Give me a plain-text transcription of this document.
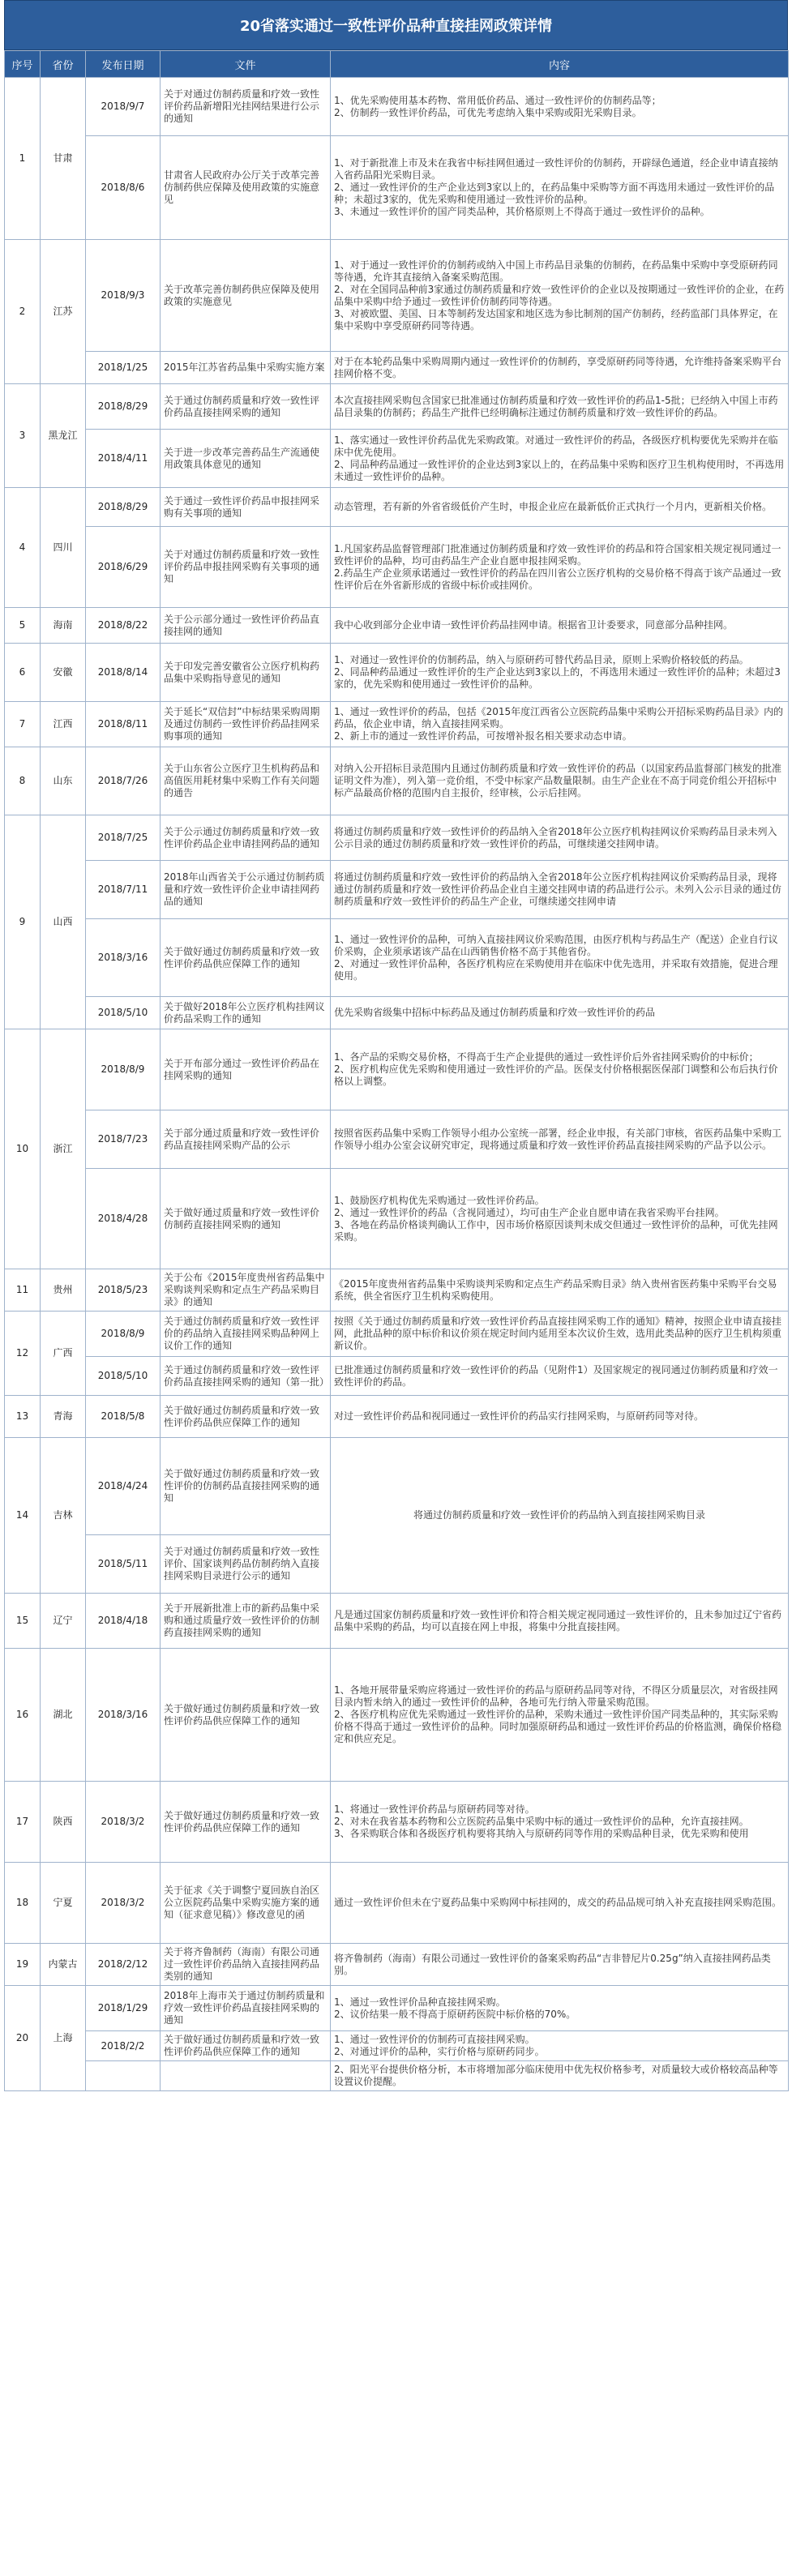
20省落实通过一致性评价品种直接挂网政策详情
序号	省份	发布日期	文件	内容
1	甘肃	2018/9/7	关于对通过仿制药质量和疗效一致性评价药品新增阳光挂网结果进行公示的通知	1、优先采购使用基本药物、常用低价药品、通过一致性评价的仿制药品等；
2、仿制药一致性评价药品，可优先考虑纳入集中采购或阳光采购目录。
		2018/8/6	甘肃省人民政府办公厅关于改革完善仿制药供应保障及使用政策的实施意见	1、对于新批准上市及未在我省中标挂网但通过一致性评价的仿制药，开辟绿色通道，经企业申请直接纳入省药品阳光采购目录。
2、通过一致性评价的生产企业达到3家以上的，在药品集中采购等方面不再选用未通过一致性评价的品种；未超过3家的，优先采购和使用通过一致性评价的品种。
3、未通过一致性评价的国产同类品种，其价格原则上不得高于通过一致性评价的品种。
2	江苏	2018/9/3	关于改革完善仿制药供应保障及使用政策的实施意见	1、对于通过一致性评价的仿制药或纳入中国上市药品目录集的仿制药，在药品集中采购中享受原研药同等待遇，允许其直接纳入备案采购范围。
2、对在全国同品种前3家通过仿制药质量和疗效一致性评价的企业以及按期通过一致性评价的企业，在药品集中采购中给予通过一致性评价仿制药同等待遇。
3、对被欧盟、美国、日本等制药发达国家和地区选为参比制剂的国产仿制药，经药监部门具体界定，在集中采购中享受原研药同等待遇。
		2018/1/25	2015年江苏省药品集中采购实施方案	对于在本轮药品集中采购周期内通过一致性评价的仿制药，享受原研药同等待遇，允许维持备案采购平台挂网价格不变。
3	黑龙江	2018/8/29	关于通过仿制药质量和疗效一致性评价药品直接挂网采购的通知	本次直接挂网采购包含国家已批准通过仿制药质量和疗效一致性评价的药品1-5批；已经纳入中国上市药品目录集的仿制药；药品生产批件已经明确标注通过仿制药质量和疗效一致性评价的药品。
		2018/4/11	关于进一步改革完善药品生产流通使用政策具体意见的通知	1、落实通过一致性评价药品优先采购政策。对通过一致性评价的药品，各级医疗机构要优先采购并在临床中优先使用。
2、同品种药品通过一致性评价的企业达到3家以上的，在药品集中采购和医疗卫生机构使用时，不再选用未通过一致性评价的品种。
4	四川	2018/8/29	关于通过一致性评价药品申报挂网采购有关事项的通知	动态管理，若有新的外省省级低价产生时，申报企业应在最新低价正式执行一个月内，更新相关价格。
		2018/6/29	关于对通过仿制药质量和疗效一致性评价药品申报挂网采购有关事项的通知	1.凡国家药品监督管理部门批准通过仿制药质量和疗效一致性评价的药品和符合国家相关规定视同通过一致性评价的品种，均可由药品生产企业自愿申报挂网采购。
2.药品生产企业须承诺通过一致性评价的药品在四川省公立医疗机构的交易价格不得高于该产品通过一致性评价后在外省新形成的省级中标价或挂网价。
5	海南	2018/8/22	关于公示部分通过一致性评价药品直接挂网的通知	我中心收到部分企业申请一致性评价药品挂网申请。根据省卫计委要求，同意部分品种挂网。
6	安徽	2018/8/14	关于印发完善安徽省公立医疗机构药品集中采购指导意见的通知	1、对通过一致性评价的仿制药品，纳入与原研药可替代药品目录，原则上采购价格较低的药品。
2、同品种药品通过一致性评价的生产企业达到3家以上的，不再选用未通过一致性评价的品种；未超过3家的，优先采购和使用通过一致性评价的品种。
7	江西	2018/8/11	关于延长“双信封”中标结果采购周期及通过仿制药一致性评价药品挂网采购事项的通知	1、通过一致性评价的药品，包括《2015年度江西省公立医院药品集中采购公开招标采购药品目录》内的药品，依企业申请，纳入直接挂网采购。
2、新上市的通过一致性评价药品，可按增补报名相关要求动态申请。
8	山东	2018/7/26	关于山东省公立医疗卫生机构药品和高值医用耗材集中采购工作有关问题的通告	对纳入公开招标目录范围内且通过仿制药质量和疗效一致性评价的药品（以国家药品监督部门核发的批准证明文件为准），列入第一竞价组，不受中标家产品数量限制。由生产企业在不高于同竞价组公开招标中标产品最高价格的范围内自主报价，经审核，公示后挂网。
9	山西	2018/7/25	关于公示通过仿制药质量和疗效一致性评价药品企业申请挂网药品的通知	将通过仿制药质量和疗效一致性评价的药品纳入全省2018年公立医疗机构挂网议价采购药品目录未列入公示目录的通过仿制药质量和疗效一致性评价的药品，可继续递交挂网申请。
		2018/7/11	2018年山西省关于公示通过仿制药质量和疗效一致性评价企业申请挂网药品的通知	将通过仿制药质量和疗效一致性评价的药品纳入全省2018年公立医疗机构挂网议价采购药品目录，现将通过仿制药质量和疗效一致性评价药品企业自主递交挂网申请的药品进行公示。未列入公示目录的通过仿制药质量和疗效一致性评价的药品生产企业，可继续递交挂网申请
		2018/3/16	关于做好通过仿制药质量和疗效一致性评价药品供应保障工作的通知	1、通过一致性评价的品种，可纳入直接挂网议价采购范围，由医疗机构与药品生产（配送）企业自行议价采购，企业须承诺该产品在山西销售价格不高于其他省份。
2、对通过一致性评价品种，各医疗机构应在采购使用并在临床中优先选用，并采取有效措施，促进合理使用。
		2018/5/10	关于做好2018年公立医疗机构挂网议价药品采购工作的通知	优先采购省级集中招标中标药品及通过仿制药质量和疗效一致性评价的药品
10	浙江	2018/8/9	关于开布部分通过一致性评价药品在挂网采购的通知	1、各产品的采购交易价格，不得高于生产企业提供的通过一致性评价后外省挂网采购价的中标价；
2、医疗机构应优先采购和使用通过一致性评价的产品。医保支付价格根据医保部门调整和公布后执行价格以上调整。
		2018/7/23	关于部分通过质量和疗效一致性评价药品直接挂网采购产品的公示	按照省医药品集中采购工作领导小组办公室统一部署，经企业申报，有关部门审核，省医药品集中采购工作领导小组办公室会议研究审定，现将通过质量和疗效一致性评价药品直接挂网采购的产品予以公示。
		2018/4/28	关于做好通过质量和疗效一致性评价仿制药直接挂网采购的通知	1、鼓励医疗机构优先采购通过一致性评价药品。
2、通过一致性评价的药品（含视同通过），均可由生产企业自愿申请在我省采购平台挂网。
3、各地在药品价格谈判确认工作中，因市场价格原因谈判未成交但通过一致性评价的品种，可优先挂网采购。
11	贵州	2018/5/23	关于公布《2015年度贵州省药品集中采购谈判采购和定点生产药品采购目录》的通知	《2015年度贵州省药品集中采购谈判采购和定点生产药品采购目录》纳入贵州省医药集中采购平台交易系统，供全省医疗卫生机构采购使用。
12	广西	2018/8/9	关于通过仿制药质量和疗效一致性评价的药品纳入直接挂网采购品种网上议价工作的通知	按照《关于通过仿制药质量和疗效一致性评价药品直接挂网采购工作的通知》精神，按照企业申请直接挂网，此批品种的原中标价和议价须在规定时间内延用至本次议价生效，选用此类品种的医疗卫生机构须重新议价。
		2018/5/10	关于通过仿制药质量和疗效一致性评价药品直接挂网采购的通知（第一批）	已批准通过仿制药质量和疗效一致性评价的药品（见附件1）及国家规定的视同通过仿制药质量和疗效一致性评价的药品。
13	青海	2018/5/8	关于做好通过仿制药质量和疗效一致性评价药品供应保障工作的通知	对过一致性评价药品和视同通过一致性评价的药品实行挂网采购，与原研药同等对待。
14	吉林	2018/4/24	关于做好通过仿制药质量和疗效一致性评价的仿制药品直接挂网采购的通知	将通过仿制药质量和疗效一致性评价的药品纳入到直接挂网采购目录
		2018/5/11	关于对通过仿制药质量和疗效一致性评价、国家谈判药品仿制药纳入直接挂网采购目录进行公示的通知	
15	辽宁	2018/4/18	关于开展新批准上市的新药品集中采购和通过质量疗效一致性评价的仿制药直接挂网采购的通知	凡是通过国家仿制药质量和疗效一致性评价和符合相关规定视同通过一致性评价的，且未参加过辽宁省药品集中采购的药品，均可以直接在网上申报，将集中分批直接挂网。
16	湖北	2018/3/16	关于做好通过仿制药质量和疗效一致性评价药品供应保障工作的通知	1、各地开展带量采购应将通过一致性评价的药品与原研药品同等对待，不得区分质量层次，对省级挂网目录内暂未纳入的通过一致性评价的品种，各地可先行纳入带量采购范围。
2、各医疗机构应优先采购通过一致性评价的品种，采购未通过一致性评价国产同类品种的，其实际采购价格不得高于通过一致性评价的品种。同时加强原研药品和通过一致性评价药品的价格监测，确保价格稳定和供应充足。
17	陕西	2018/3/2	关于做好通过仿制药质量和疗效一致性评价药品供应保障工作的通知	1、将通过一致性评价药品与原研药同等对待。
2、对未在我省基本药物和公立医院药品集中采购中标的通过一致性评价的品种，允许直接挂网。
3、各采购联合体和各级医疗机构要将其纳入与原研药同等作用的采购品种目录，优先采购和使用
18	宁夏	2018/3/2	关于征求《关于调整宁夏回族自治区公立医院药品集中采购实施方案的通知（征求意见稿）》修改意见的函	通过一致性评价但未在宁夏药品集中采购网中标挂网的，成交的药品品规可纳入补充直接挂网采购范围。
19	内蒙古	2018/2/12	关于将齐鲁制药（海南）有限公司通过一致性评价药品纳入直接挂网药品类别的通知	将齐鲁制药（海南）有限公司通过一致性评价的备案采购药品“吉非替尼片0.25g”纳入直接挂网药品类别。
20	上海	2018/1/29	2018年上海市关于通过仿制药质量和疗效一致性评价药品直接挂网采购的通知	1、通过一致性评价品种直接挂网采购。
2、议价结果一般不得高于原研药医院中标价格的70%。
		2018/2/2	关于做好通过仿制药质量和疗效一致性评价药品供应保障工作的通知	1、通过一致性评价的仿制药可直接挂网采购。
2、对通过评价的品种，实行价格与原研药同步。
				2、阳光平台提供价格分析，本市将增加部分临床使用中优先权价格参考，对质量较大或价格较高品种等设置议价提醒。
